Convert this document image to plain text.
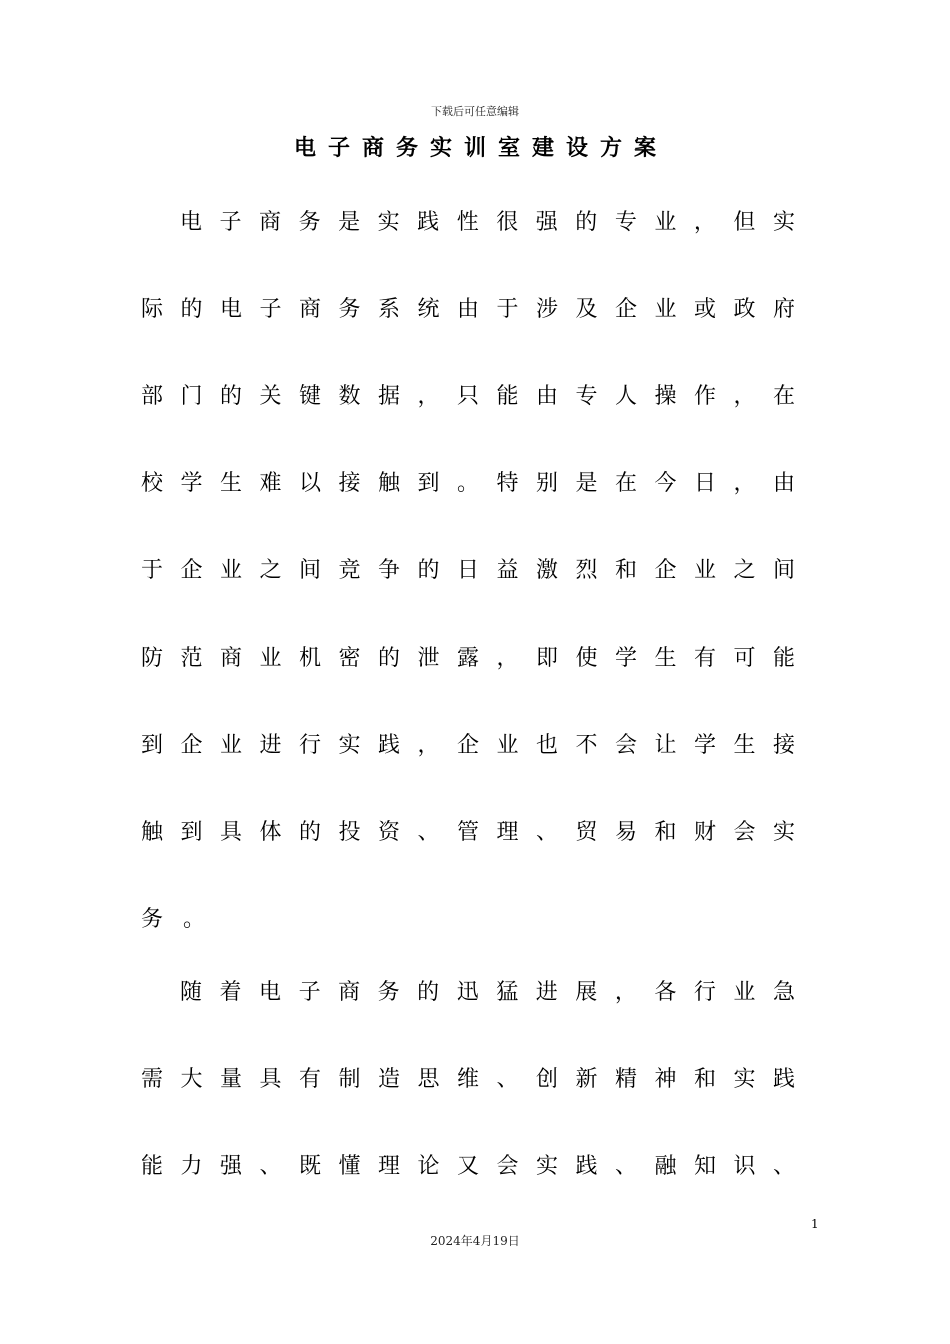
下载后可任意编辑
电子商务实训室建设方案
电 子 商 务 是 实 践 性 很 强 的 专 业 ， 但 实
际 的 电 子 商 务 系 统 由 于 涉 及 企 业 或 政 府
部 门 的 关 键 数 据 ， 只 能 由 专 人 操 作 ， 在
校 学 生 难 以 接 触 到 。 特 别 是 在 今 日 ， 由
于 企 业 之 间 竞 争 的 日 益 激 烈 和 企 业 之 间
防 范 商 业 机 密 的 泄 露 ， 即 使 学 生 有 可 能
到 企 业 进 行 实 践 ， 企 业 也 不 会 让 学 生 接
触 到 具 体 的 投 资 、 管 理 、 贸 易 和 财 会 实
务 。
随 着 电 子 商 务 的 迅 猛 进 展 ， 各 行 业 急
需 大 量 具 有 制 造 思 维 、 创 新 精 神 和 实 践
能 力 强 、 既 懂 理 论 又 会 实 践 、 融 知 识 、
1
2024年4月19日
